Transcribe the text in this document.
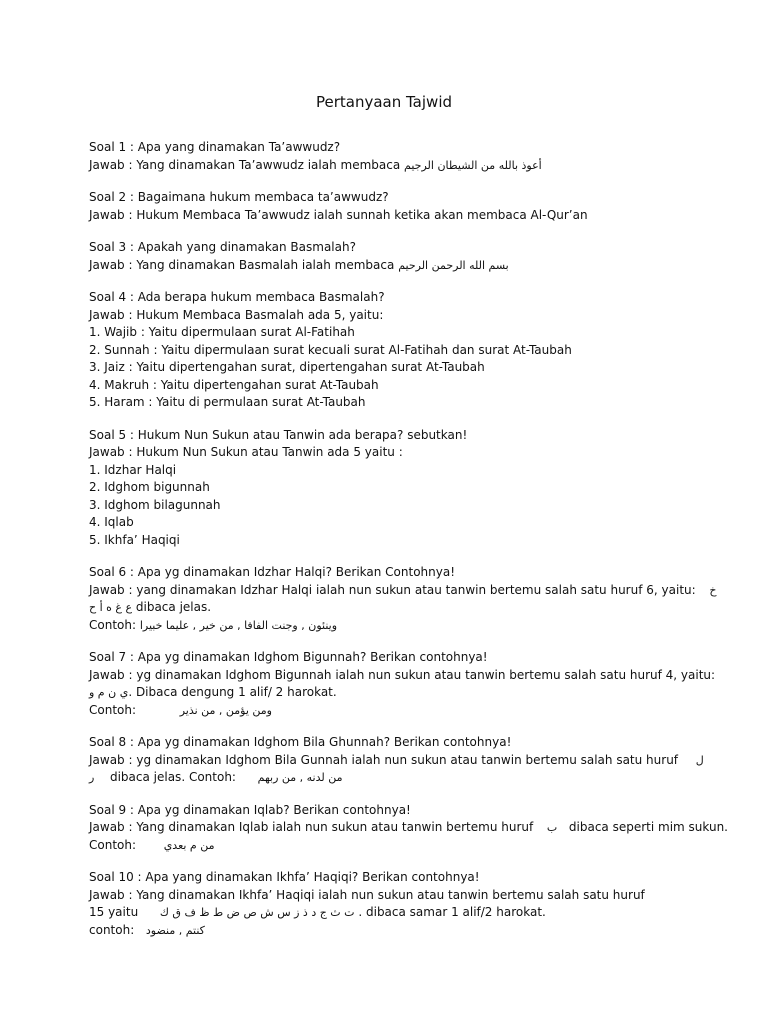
Pertanyaan Tajwid
Soal 1 : Apa yang dinamakan Ta’awwudz?
Jawab : Yang dinamakan Ta’awwudz ialah membaca أعوذ بالله من الشيطان الرجيم
Soal 2 : Bagaimana hukum membaca ta’awwudz?
Jawab : Hukum Membaca Ta’awwudz ialah sunnah ketika akan membaca Al-Qur’an
Soal 3 : Apakah yang dinamakan Basmalah?
Jawab : Yang dinamakan Basmalah ialah membaca بسم الله الرحمن الرحيم
Soal 4 : Ada berapa hukum membaca Basmalah?
Jawab : Hukum Membaca Basmalah ada 5, yaitu:
1. Wajib : Yaitu dipermulaan surat Al-Fatihah
2. Sunnah : Yaitu dipermulaan surat kecuali surat Al-Fatihah dan surat At-Taubah
3. Jaiz : Yaitu dipertengahan surat, dipertengahan surat At-Taubah
4. Makruh : Yaitu dipertengahan surat At-Taubah
5. Haram : Yaitu di permulaan surat At-Taubah
Soal 5 : Hukum Nun Sukun atau Tanwin ada berapa? sebutkan!
Jawab : Hukum Nun Sukun atau Tanwin ada 5 yaitu :
1. Idzhar Halqi
2. Idghom bigunnah
3. Idghom bilagunnah
4. Iqlab
5. Ikhfa’ Haqiqi
Soal 6 : Apa yg dinamakan Idzhar Halqi? Berikan Contohnya!
Jawab : yang dinamakan Idzhar Halqi ialah nun sukun atau tanwin bertemu salah satu huruf 6, yaitu: خ
ع غ ه أ ح dibaca jelas.
Contoh: وينئون , وجنت الفافا , من خير , عليما خبيرا
Soal 7 : Apa yg dinamakan Idghom Bigunnah? Berikan contohnya!
Jawab : yg dinamakan Idghom Bigunnah ialah nun sukun atau tanwin bertemu salah satu huruf 4, yaitu:
ي ن م و. Dibaca dengung 1 alif/ 2 harokat.
Contoh:	ومن يؤمن , من نذير
Soal 8 : Apa yg dinamakan Idghom Bila Ghunnah? Berikan contohnya!
Jawab : yg dinamakan Idghom Bila Gunnah ialah nun sukun atau tanwin bertemu salah satu huruf ل
ر dibaca jelas. Contoh: من لدنه , من ربهم
Soal 9 : Apa yg dinamakan Iqlab? Berikan contohnya!
Jawab : Yang dinamakan Iqlab ialah nun sukun atau tanwin bertemu huruf ب dibaca seperti mim sukun.
Contoh:	من م بعدي
Soal 10 : Apa yang dinamakan Ikhfa’ Haqiqi? Berikan contohnya!
Jawab : Yang dinamakan Ikhfa’ Haqiqi ialah nun sukun atau tanwin bertemu salah satu huruf
15 yaitu ت ث ج د ذ ز س ش ص ض ط ظ ف ق ك . dibaca samar 1 alif/2 harokat.
contoh: كنتم , منضود
